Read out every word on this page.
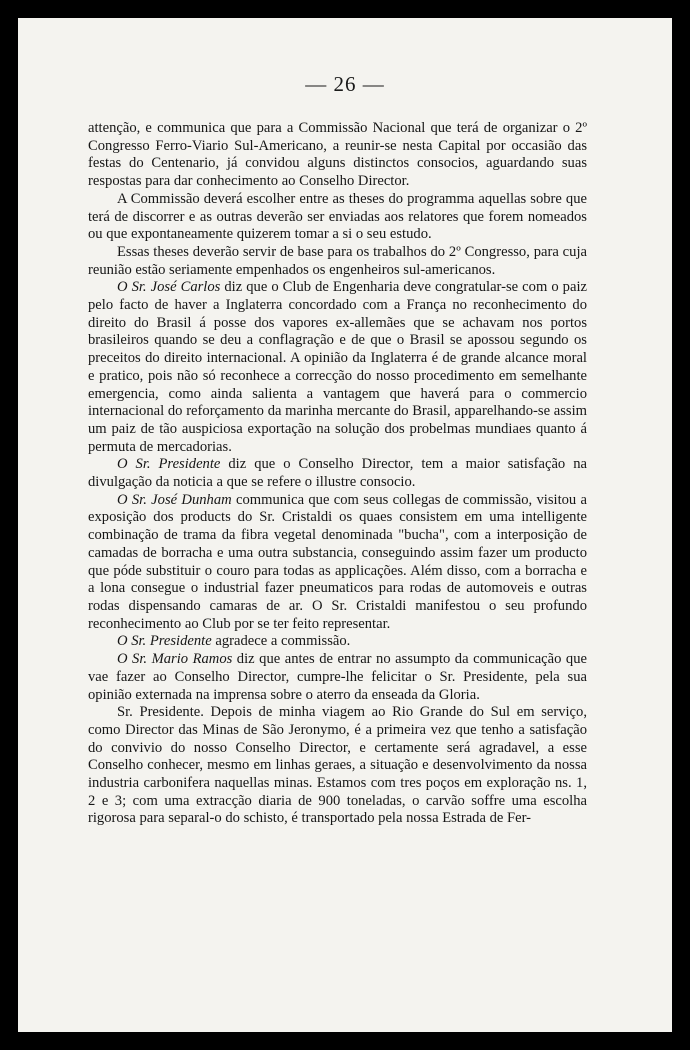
— 26 —

attenção, e communica que para a Commissão Nacional que terá de organizar o 2º Congresso Ferro-Viario Sul-Americano, a reunir-se nesta Capital por occasião das festas do Centenario, já convidou alguns distinctos consocios, aguardando suas respostas para dar conhecimento ao Conselho Director.

A Commissão deverá escolher entre as theses do programma aquellas sobre que terá de discorrer e as outras deverão ser enviadas aos relatores que forem nomeados ou que expontaneamente quizerem tomar a si o seu estudo.

Essas theses deverão servir de base para os trabalhos do 2º Congresso, para cuja reunião estão seriamente empenhados os engenheiros sul-americanos.

O Sr. José Carlos diz que o Club de Engenharia deve congratular-se com o paiz pelo facto de haver a Inglaterra concordado com a França no reconhecimento do direito do Brasil á posse dos vapores ex-allemães que se achavam nos portos brasileiros quando se deu a conflagração e de que o Brasil se apossou segundo os preceitos do direito internacional. A opinião da Inglaterra é de grande alcance moral e pratico, pois não só reconhece a correcção do nosso procedimento em semelhante emergencia, como ainda salienta a vantagem que haverá para o commercio internacional do reforçamento da marinha mercante do Brasil, apparelhando-se assim um paiz de tão auspiciosa exportação na solução dos probelmas mundiaes quanto á permuta de mercadorias.

O Sr. Presidente diz que o Conselho Director, tem a maior satisfação na divulgação da noticia a que se refere o illustre consocio.

O Sr. José Dunham communica que com seus collegas de commissão, visitou a exposição dos products do Sr. Cristaldi os quaes consistem em uma intelligente combinação de trama da fibra vegetal denominada "bucha", com a interposição de camadas de borracha e uma outra substancia, conseguindo assim fazer um producto que póde substituir o couro para todas as applicações. Além disso, com a borracha e a lona consegue o industrial fazer pneumaticos para rodas de automoveis e outras rodas dispensando camaras de ar. O Sr. Cristaldi manifestou o seu profundo reconhecimento ao Club por se ter feito representar.

O Sr. Presidente agradece a commissão.

O Sr. Mario Ramos diz que antes de entrar no assumpto da communicação que vae fazer ao Conselho Director, cumpre-lhe felicitar o Sr. Presidente, pela sua opinião externada na imprensa sobre o aterro da enseada da Gloria.

Sr. Presidente. Depois de minha viagem ao Rio Grande do Sul em serviço, como Director das Minas de São Jeronymo, é a primeira vez que tenho a satisfação do convivio do nosso Conselho Director, e certamente será agradavel, a esse Conselho conhecer, mesmo em linhas geraes, a situação e desenvolvimento da nossa industria carbonifera naquellas minas. Estamos com tres poços em exploração ns. 1, 2 e 3; com uma extracção diaria de 900 toneladas, o carvão soffre uma escolha rigorosa para separal-o do schisto, é transportado pela nossa Estrada de Fer-
